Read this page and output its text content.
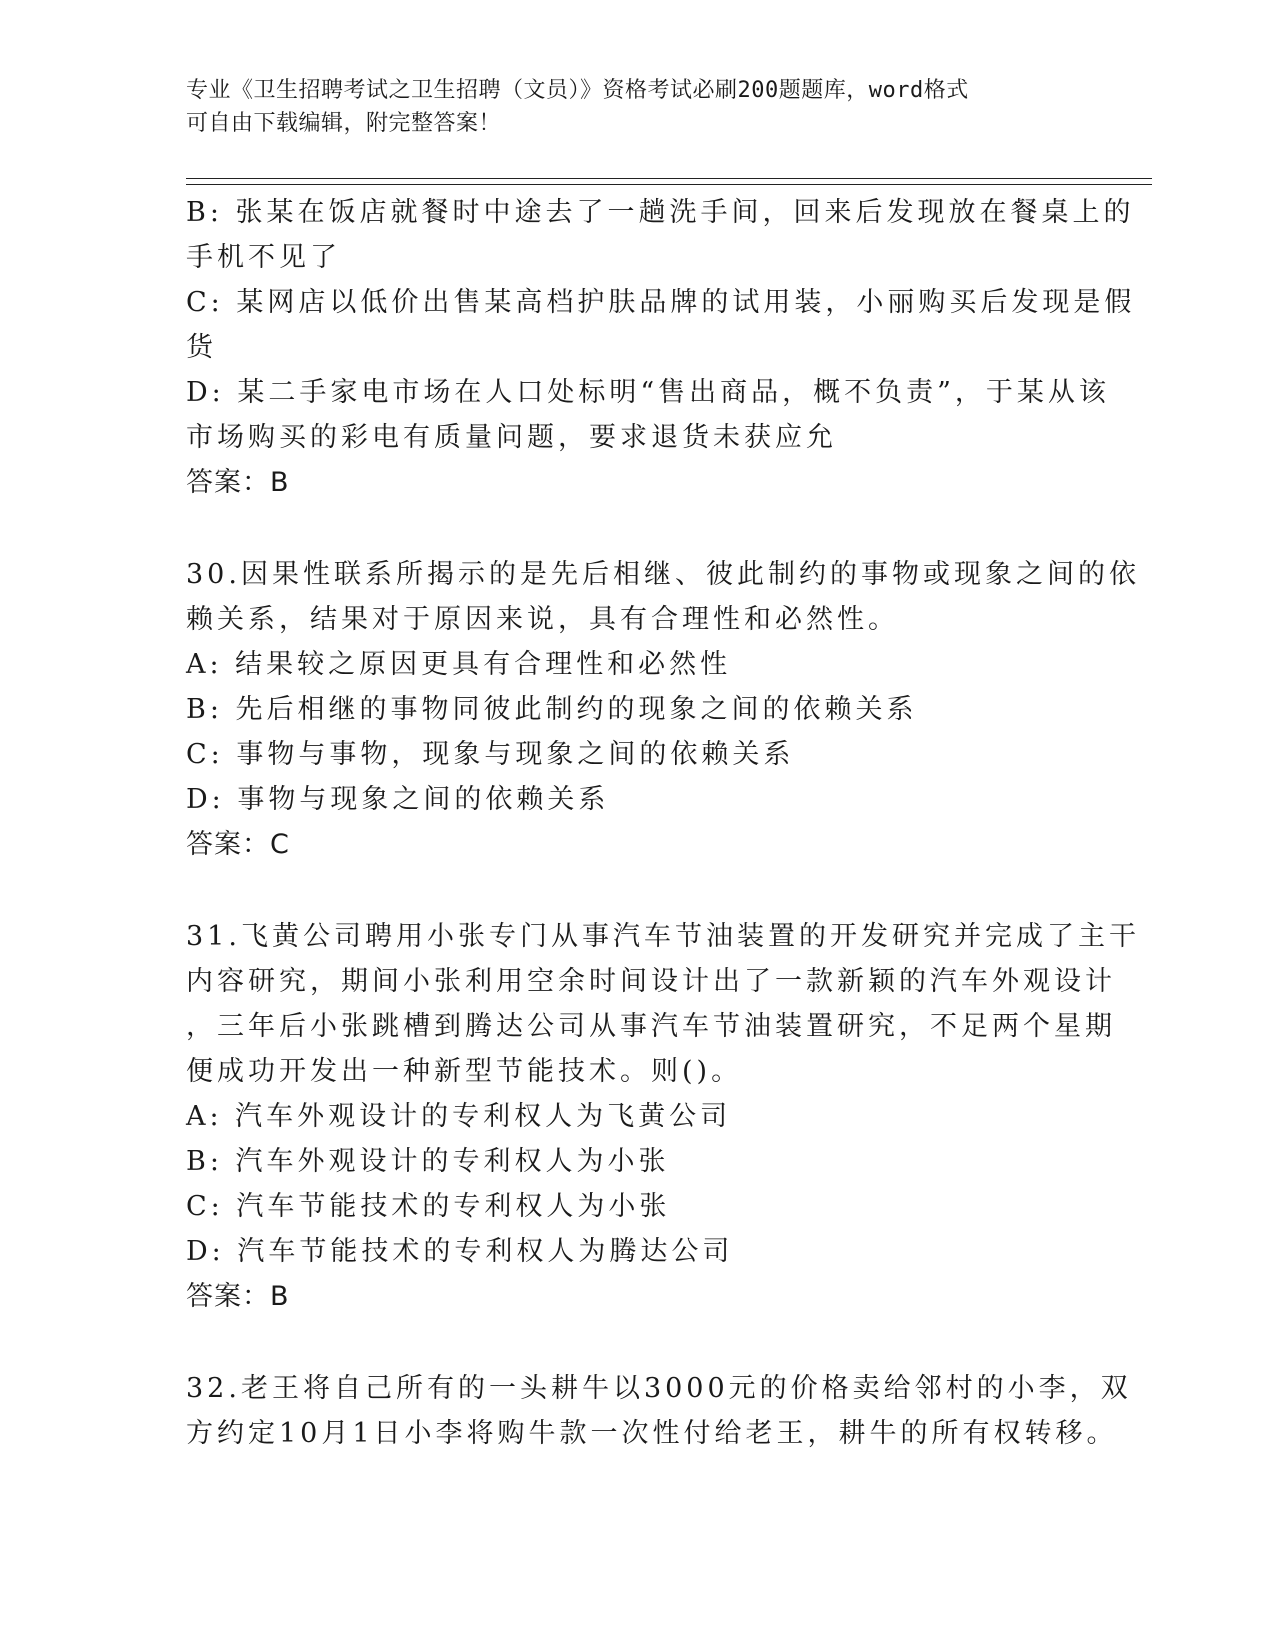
专业《卫生招聘考试之卫生招聘（文员）》资格考试必刷200题题库，word格式
可自由下载编辑，附完整答案！
B: 张某在饭店就餐时中途去了一趟洗手间，回来后发现放在餐桌上的
手机不见了
C: 某网店以低价出售某高档护肤品牌的试用装，小丽购买后发现是假
货
D: 某二手家电市场在人口处标明“售出商品，概不负责”，于某从该
市场购买的彩电有质量问题，要求退货未获应允
答案：B
30.因果性联系所揭示的是先后相继、彼此制约的事物或现象之间的依
赖关系，结果对于原因来说，具有合理性和必然性。
A: 结果较之原因更具有合理性和必然性
B: 先后相继的事物同彼此制约的现象之间的依赖关系
C: 事物与事物，现象与现象之间的依赖关系
D: 事物与现象之间的依赖关系
答案：C
31.飞黄公司聘用小张专门从事汽车节油装置的开发研究并完成了主干
内容研究，期间小张利用空余时间设计出了一款新颖的汽车外观设计
，三年后小张跳槽到腾达公司从事汽车节油装置研究，不足两个星期
便成功开发出一种新型节能技术。则()。
A: 汽车外观设计的专利权人为飞黄公司
B: 汽车外观设计的专利权人为小张
C: 汽车节能技术的专利权人为小张
D: 汽车节能技术的专利权人为腾达公司
答案：B
32.老王将自己所有的一头耕牛以3000元的价格卖给邻村的小李，双
方约定10月1日小李将购牛款一次性付给老王，耕牛的所有权转移。
